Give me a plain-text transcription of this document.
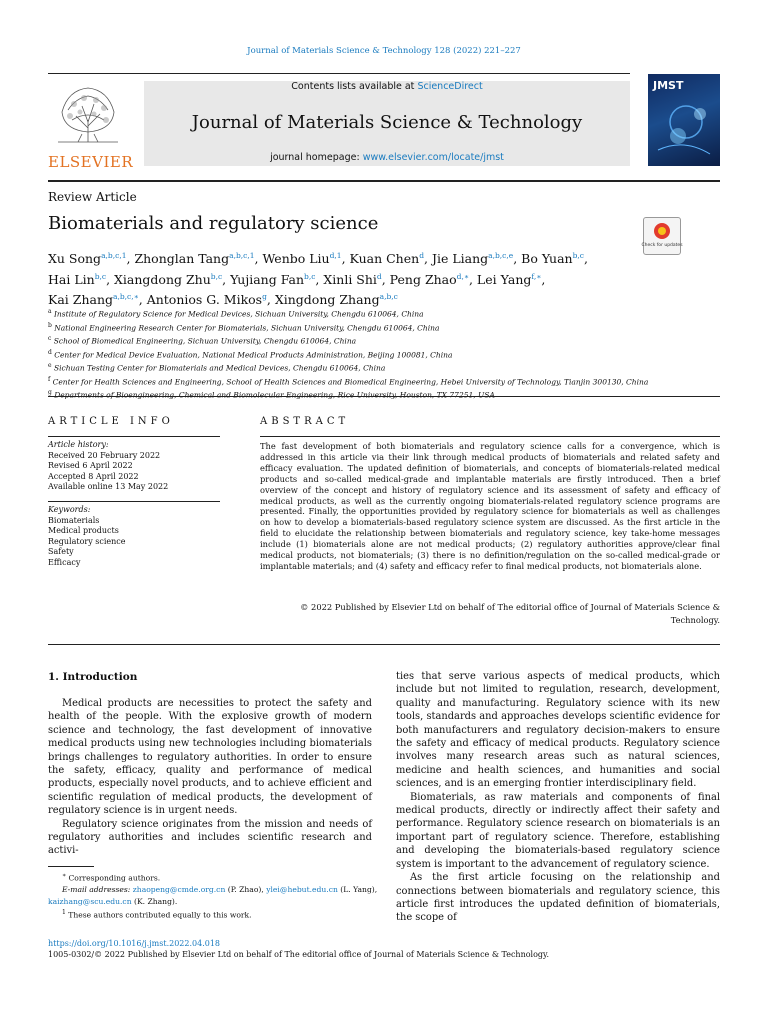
Journal of Materials Science & Technology 128 (2022) 221–227
ELSEVIER
Contents lists available at ScienceDirect
Journal of Materials Science & Technology
journal homepage: www.elsevier.com/locate/jmst
JMST
Review Article
Biomaterials and regulatory science
Check for updates
Xu Song$^{a,b,c,1}$, Zhonglan Tang$^{a,b,c,1}$, Wenbo Liu$^{d,1}$, Kuan Chen$^d$, Jie Liang$^{a,b,c,e}$, Bo Yuan$^{b,c}$,
Hai Lin$^{b,c}$, Xiangdong Zhu$^{b,c}$, Yujiang Fan$^{b,c}$, Xinli Shi$^d$, Peng Zhao$^{d,∗}$, Lei Yang$^{f,∗}$,
Kai Zhang$^{a,b,c,∗}$, Antonios G. Mikos$^g$, Xingdong Zhang$^{a,b,c}$
$^a$ Institute of Regulatory Science for Medical Devices, Sichuan University, Chengdu 610064, China
$^b$ National Engineering Research Center for Biomaterials, Sichuan University, Chengdu 610064, China
$^c$ School of Biomedical Engineering, Sichuan University, Chengdu 610064, China
$^d$ Center for Medical Device Evaluation, National Medical Products Administration, Beijing 100081, China
$^e$ Sichuan Testing Center for Biomaterials and Medical Devices, Chengdu 610064, China
$^f$ Center for Health Sciences and Engineering, School of Health Sciences and Biomedical Engineering, Hebei University of Technology, Tianjin 300130, China
$^g$ Departments of Bioengineering, Chemical and Biomolecular Engineering, Rice University, Houston, TX 77251, USA
ARTICLE INFO
Article history:
Received 20 February 2022
Revised 6 April 2022
Accepted 8 April 2022
Available online 13 May 2022
Keywords:
Biomaterials
Medical products
Regulatory science
Safety
Efficacy
ABSTRACT
The fast development of both biomaterials and regulatory science calls for a convergence, which is addressed in this article via their link through medical products of biomaterials and related safety and efficacy evaluation. The updated definition of biomaterials, and concepts of biomaterials-related medical products and so-called medical-grade and implantable materials are firstly introduced. Then a brief overview of the concept and history of regulatory science and its assessment of safety and efficacy of medical products, as well as the currently ongoing biomaterials-related regulatory science programs are presented. Finally, the opportunities provided by regulatory science for biomaterials as well as challenges on how to develop a biomaterials-based regulatory science system are discussed. As the first article in the field to elucidate the relationship between biomaterials and regulatory science, key take-home messages include (1) biomaterials alone are not medical products; (2) regulatory authorities approve/clear final medical products, not biomaterials; (3) there is no definition/regulation on the so-called medical-grade or implantable materials; and (4) safety and efficacy refer to final medical products, not biomaterials alone.
© 2022 Published by Elsevier Ltd on behalf of The editorial office of Journal of Materials Science & Technology.
1. Introduction

Medical products are necessities to protect the safety and health of the people. With the explosive growth of modern science and technology, the fast development of innovative medical products using new technologies including biomaterials brings challenges to regulatory authorities. In order to ensure the safety, efficacy, quality and performance of medical products, especially novel products, and to achieve efficient and scientific regulation of medical products, the development of regulatory science is in urgent needs.

Regulatory science originates from the mission and needs of regulatory authorities and includes scientific research and activi-

ties that serve various aspects of medical products, which include but not limited to regulation, research, development, quality and manufacturing. Regulatory science with its new tools, standards and approaches develops scientific evidence for both manufacturers and regulatory decision-makers to ensure the safety and efficacy of medical products. Regulatory science involves many research areas such as natural sciences, medicine and health sciences, and humanities and social sciences, and is an emerging frontier interdisciplinary field.

Biomaterials, as raw materials and components of final medical products, directly or indirectly affect their safety and performance. Regulatory science research on biomaterials is an important part of regulatory science. Therefore, establishing and developing the biomaterials-based regulatory science system is important to the advancement of regulatory science.

As the first article focusing on the relationship and connections between biomaterials and regulatory science, this article first introduces the updated definition of biomaterials, the scope of

∗ Corresponding authors.
E-mail addresses: zhaopeng@cmde.org.cn (P. Zhao), ylei@hebut.edu.cn (L. Yang),
kaizhang@scu.edu.cn (K. Zhang).
$^1$ These authors contributed equally to this work.
https://doi.org/10.1016/j.jmst.2022.04.018
1005-0302/© 2022 Published by Elsevier Ltd on behalf of The editorial office of Journal of Materials Science & Technology.
